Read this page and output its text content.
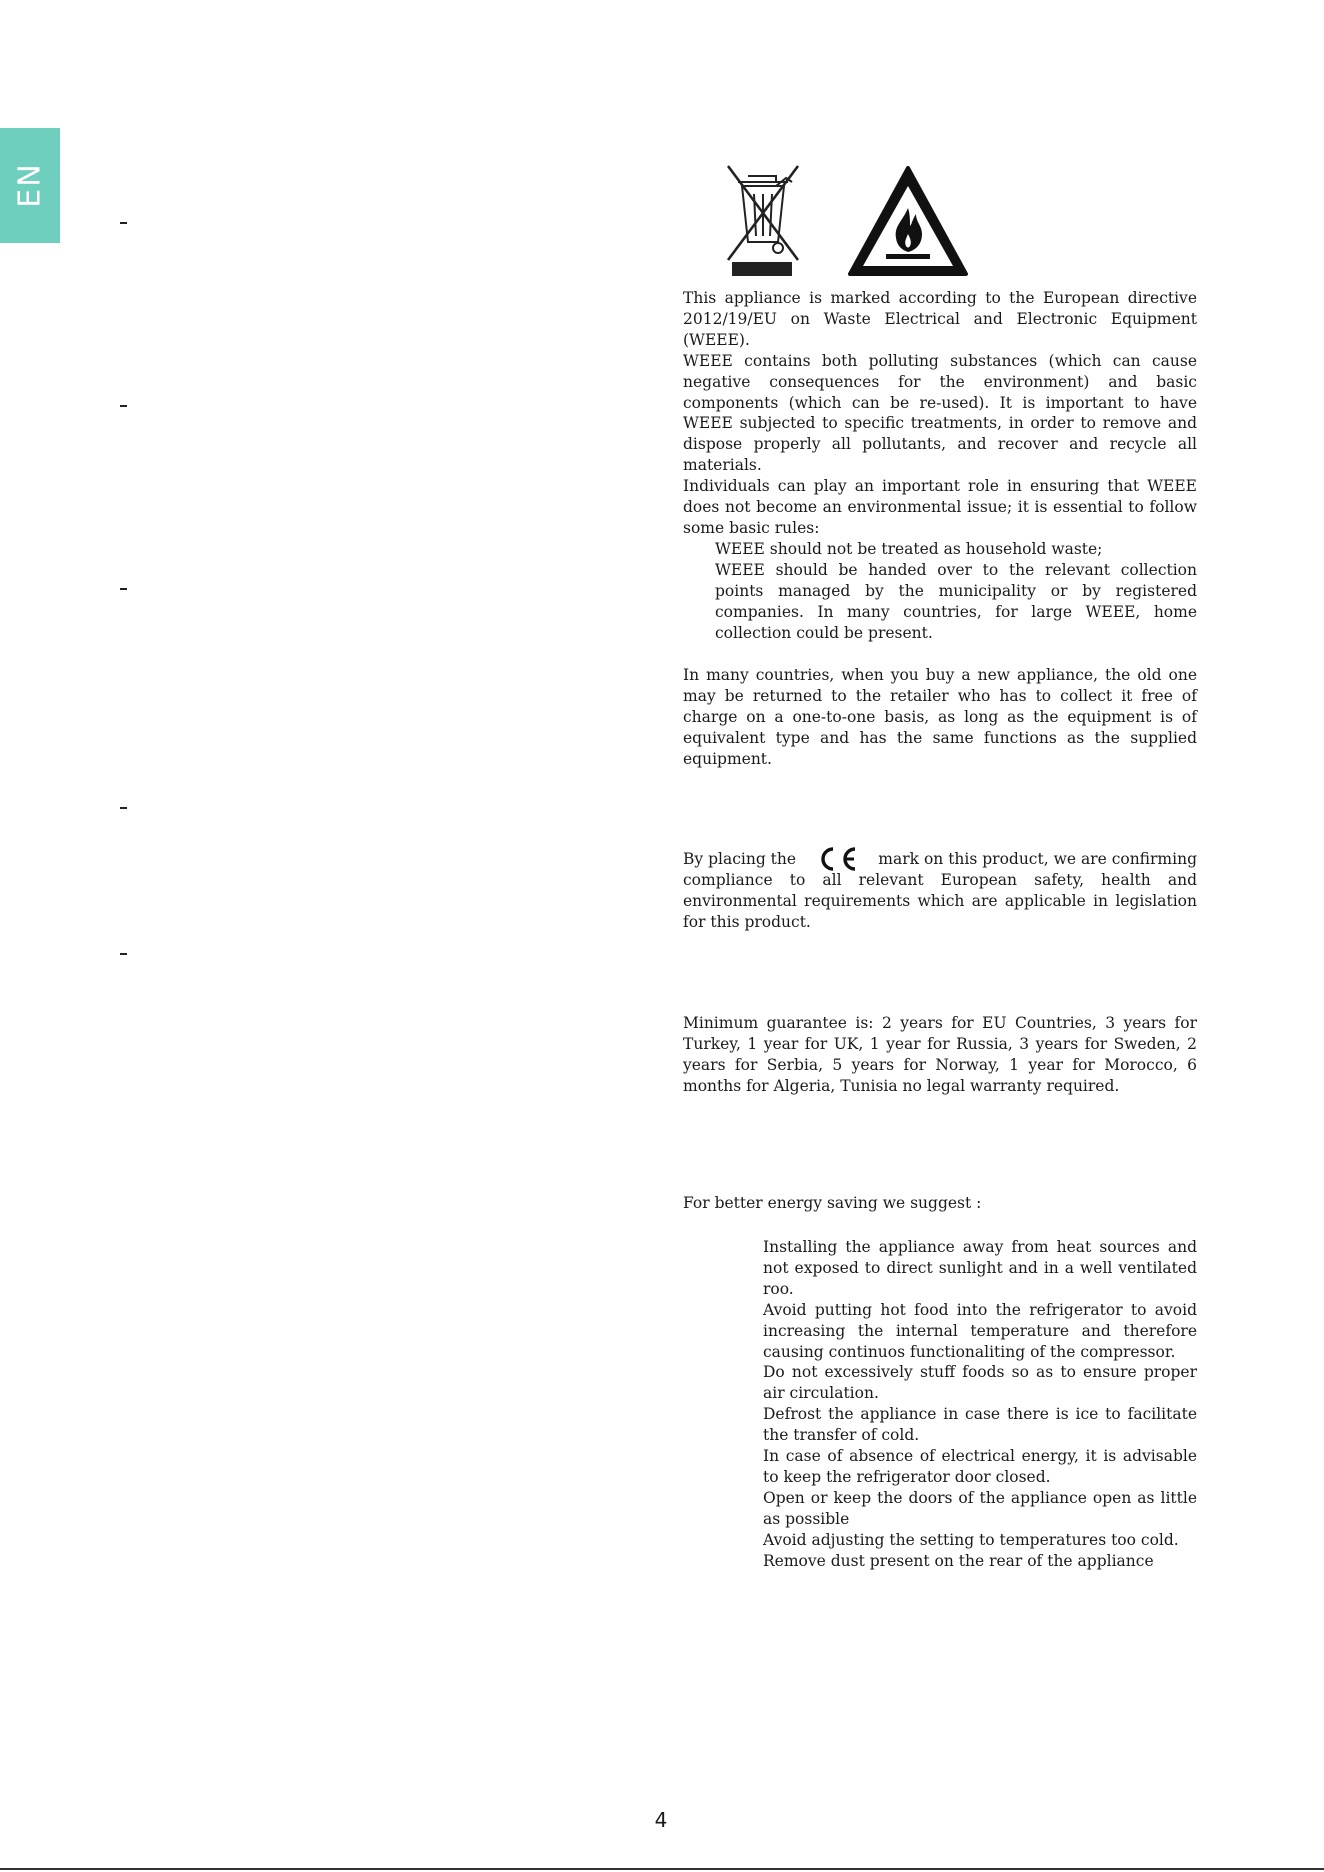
EN

This appliance is marked according to the European directive 2012/19/EU on Waste Electrical and Electronic Equipment (WEEE).

WEEE contains both polluting substances (which can cause negative consequences for the environment) and basic components (which can be re-used). It is important to have WEEE subjected to specific treatments, in order to remove and dispose properly all pollutants, and recover and recycle all materials.

Individuals can play an important role in ensuring that WEEE does not become an environmental issue; it is essential to follow some basic rules:

WEEE should not be treated as household waste;
WEEE should be handed over to the relevant collection points managed by the municipality or by registered companies. In many countries, for large WEEE, home collection could be present.

In many countries, when you buy a new appliance, the old one may be returned to the retailer who has to collect it free of charge on a one-to-one basis, as long as the equipment is of equivalent type and has the same functions as the supplied equipment.

By placing the	mark on this product, we are confirming
compliance to all relevant European safety, health and environmental requirements which are applicable in legislation for this product.

Minimum guarantee is: 2 years for EU Countries, 3 years for Turkey, 1 year for UK, 1 year for Russia, 3 years for Sweden, 2 years for Serbia, 5 years for Norway, 1 year for Morocco, 6 months for Algeria, Tunisia no legal warranty required.

For better energy saving we suggest :

Installing the appliance away from heat sources and not exposed to direct sunlight and in a well ventilated roo.
Avoid putting hot food into the refrigerator to avoid increasing the internal temperature and therefore causing continuos functionaliting of the compressor.
Do not excessively stuff foods so as to ensure proper air circulation.
Defrost the appliance in case there is ice to facilitate the transfer of cold.
In case of absence of electrical energy, it is advisable to keep the refrigerator door closed.
Open or keep the doors of the appliance open as little as possible
Avoid adjusting the setting to temperatures too cold.
Remove dust present on the rear of the appliance
4
